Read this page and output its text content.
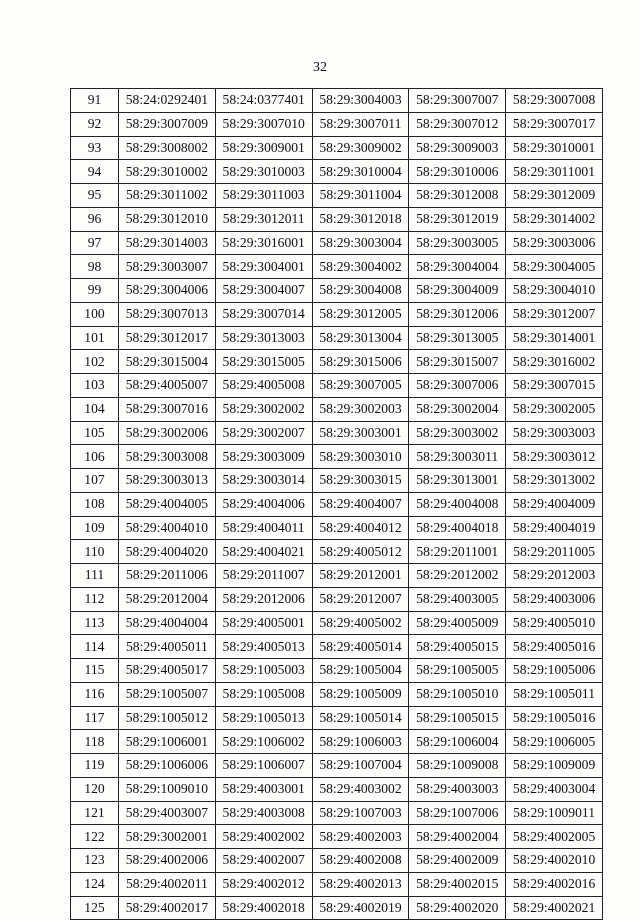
32
91	58:24:0292401	58:24:0377401	58:29:3004003	58:29:3007007	58:29:3007008
92	58:29:3007009	58:29:3007010	58:29:3007011	58:29:3007012	58:29:3007017
93	58:29:3008002	58:29:3009001	58:29:3009002	58:29:3009003	58:29:3010001
94	58:29:3010002	58:29:3010003	58:29:3010004	58:29:3010006	58:29:3011001
95	58:29:3011002	58:29:3011003	58:29:3011004	58:29:3012008	58:29:3012009
96	58:29:3012010	58:29:3012011	58:29:3012018	58:29:3012019	58:29:3014002
97	58:29:3014003	58:29:3016001	58:29:3003004	58:29:3003005	58:29:3003006
98	58:29:3003007	58:29:3004001	58:29:3004002	58:29:3004004	58:29:3004005
99	58:29:3004006	58:29:3004007	58:29:3004008	58:29:3004009	58:29:3004010
100	58:29:3007013	58:29:3007014	58:29:3012005	58:29:3012006	58:29:3012007
101	58:29:3012017	58:29:3013003	58:29:3013004	58:29:3013005	58:29:3014001
102	58:29:3015004	58:29:3015005	58:29:3015006	58:29:3015007	58:29:3016002
103	58:29:4005007	58:29:4005008	58:29:3007005	58:29:3007006	58:29:3007015
104	58:29:3007016	58:29:3002002	58:29:3002003	58:29:3002004	58:29:3002005
105	58:29:3002006	58:29:3002007	58:29:3003001	58:29:3003002	58:29:3003003
106	58:29:3003008	58:29:3003009	58:29:3003010	58:29:3003011	58:29:3003012
107	58:29:3003013	58:29:3003014	58:29:3003015	58:29:3013001	58:29:3013002
108	58:29:4004005	58:29:4004006	58:29:4004007	58:29:4004008	58:29:4004009
109	58:29:4004010	58:29:4004011	58:29:4004012	58:29:4004018	58:29:4004019
110	58:29:4004020	58:29:4004021	58:29:4005012	58:29:2011001	58:29:2011005
111	58:29:2011006	58:29:2011007	58:29:2012001	58:29:2012002	58:29:2012003
112	58:29:2012004	58:29:2012006	58:29:2012007	58:29:4003005	58:29:4003006
113	58:29:4004004	58:29:4005001	58:29:4005002	58:29:4005009	58:29:4005010
114	58:29:4005011	58:29:4005013	58:29:4005014	58:29:4005015	58:29:4005016
115	58:29:4005017	58:29:1005003	58:29:1005004	58:29:1005005	58:29:1005006
116	58:29:1005007	58:29:1005008	58:29:1005009	58:29:1005010	58:29:1005011
117	58:29:1005012	58:29:1005013	58:29:1005014	58:29:1005015	58:29:1005016
118	58:29:1006001	58:29:1006002	58:29:1006003	58:29:1006004	58:29:1006005
119	58:29:1006006	58:29:1006007	58:29:1007004	58:29:1009008	58:29:1009009
120	58:29:1009010	58:29:4003001	58:29:4003002	58:29:4003003	58:29:4003004
121	58:29:4003007	58:29:4003008	58:29:1007003	58:29:1007006	58:29:1009011
122	58:29:3002001	58:29:4002002	58:29:4002003	58:29:4002004	58:29:4002005
123	58:29:4002006	58:29:4002007	58:29:4002008	58:29:4002009	58:29:4002010
124	58:29:4002011	58:29:4002012	58:29:4002013	58:29:4002015	58:29:4002016
125	58:29:4002017	58:29:4002018	58:29:4002019	58:29:4002020	58:29:4002021
